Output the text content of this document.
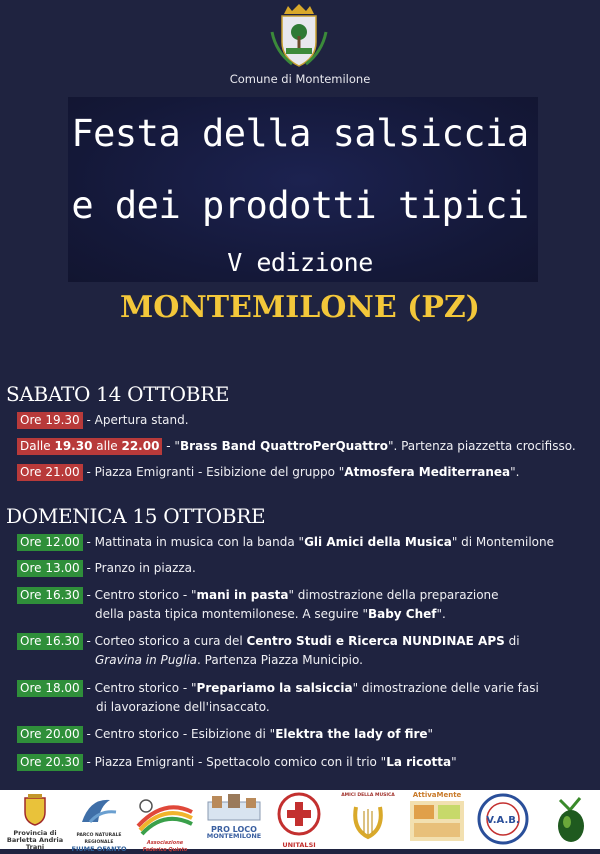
Comune di Montemilone
Festa della salsiccia
e dei prodotti tipici
V edizione
MONTEMILONE (PZ)
SABATO 14 OTTOBRE
Ore 19.30 - Apertura stand.
Dalle 19.30 alle 22.00 - "Brass Band QuattroPerQuattro". Partenza piazzetta crocifisso.
Ore 21.00 - Piazza Emigranti - Esibizione del gruppo "Atmosfera Mediterranea".
DOMENICA 15 OTTOBRE
Ore 12.00 - Mattinata in musica con la banda "Gli Amici della Musica" di Montemilone
Ore 13.00 - Pranzo in piazza.
Ore 16.30 - Centro storico - "mani in pasta" dimostrazione della preparazione
della pasta tipica montemilonese. A seguire "Baby Chef".
Ore 16.30 - Corteo storico a cura del Centro Studi e Ricerca NUNDINAE APS di
Gravina in Puglia. Partenza Piazza Municipio.
Ore 18.00 - Centro storico - "Prepariamo la salsiccia" dimostrazione delle varie fasi
di lavorazione dell'insaccato.
Ore 20.00 - Centro storico - Esibizione di "Elektra the lady of fire"
Ore 20.30 - Piazza Emigranti - Spettacolo comico con il trio "La ricotta"
Provincia di
Barletta Andria Trani
PARCO NATURALE REGIONALE
FIUME OFANTO
Associazione Federico Quinto
PRO LOCO
MONTEMILONE
UNITALSI
AMICI DELLA MUSICA	AttivaMente
V.A.B.
